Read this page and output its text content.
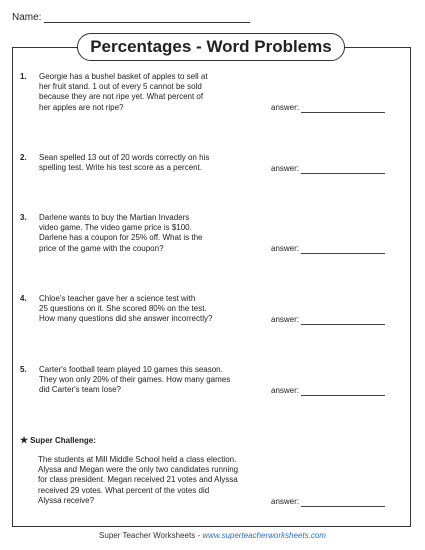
Name:
Percentages - Word Problems
1. Georgie has a bushel basket of apples to sell at
her fruit stand. 1 out of every 5 cannot be sold
because they are not ripe yet. What percent of
her apples are not ripe?	answer:
2. Sean spelled 13 out of 20 words correctly on his
spelling test. Write his test score as a percent.	answer:
3. Darlene wants to buy the Martian Invaders
video game. The video game price is $100.
Darlene has a coupon for 25% off. What is the
price of the game with the coupon?	answer:
4. Chloe's teacher gave her a science test with
25 questions on it. She scored 80% on the test.
How many questions did she answer incorrectly?	answer:
5. Carter's football team played 10 games this season.
They won only 20% of their games. How many games
did Carter's team lose?	answer:
★ Super Challenge:
The students at Mill Middle School held a class election.
Alyssa and Megan were the only two candidates running
for class president. Megan received 21 votes and Alyssa
received 29 votes. What percent of the votes did
Alyssa receive?	answer:
Super Teacher Worksheets - www.superteacherworksheets.com
